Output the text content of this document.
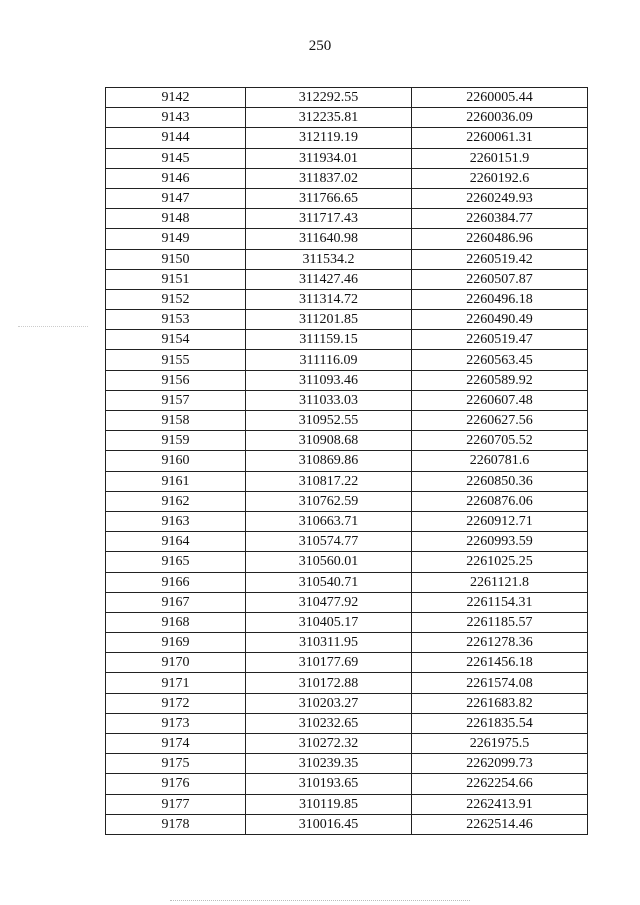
250
9142	312292.55	2260005.44
9143	312235.81	2260036.09
9144	312119.19	2260061.31
9145	311934.01	2260151.9
9146	311837.02	2260192.6
9147	311766.65	2260249.93
9148	311717.43	2260384.77
9149	311640.98	2260486.96
9150	311534.2	2260519.42
9151	311427.46	2260507.87
9152	311314.72	2260496.18
9153	311201.85	2260490.49
9154	311159.15	2260519.47
9155	311116.09	2260563.45
9156	311093.46	2260589.92
9157	311033.03	2260607.48
9158	310952.55	2260627.56
9159	310908.68	2260705.52
9160	310869.86	2260781.6
9161	310817.22	2260850.36
9162	310762.59	2260876.06
9163	310663.71	2260912.71
9164	310574.77	2260993.59
9165	310560.01	2261025.25
9166	310540.71	2261121.8
9167	310477.92	2261154.31
9168	310405.17	2261185.57
9169	310311.95	2261278.36
9170	310177.69	2261456.18
9171	310172.88	2261574.08
9172	310203.27	2261683.82
9173	310232.65	2261835.54
9174	310272.32	2261975.5
9175	310239.35	2262099.73
9176	310193.65	2262254.66
9177	310119.85	2262413.91
9178	310016.45	2262514.46
